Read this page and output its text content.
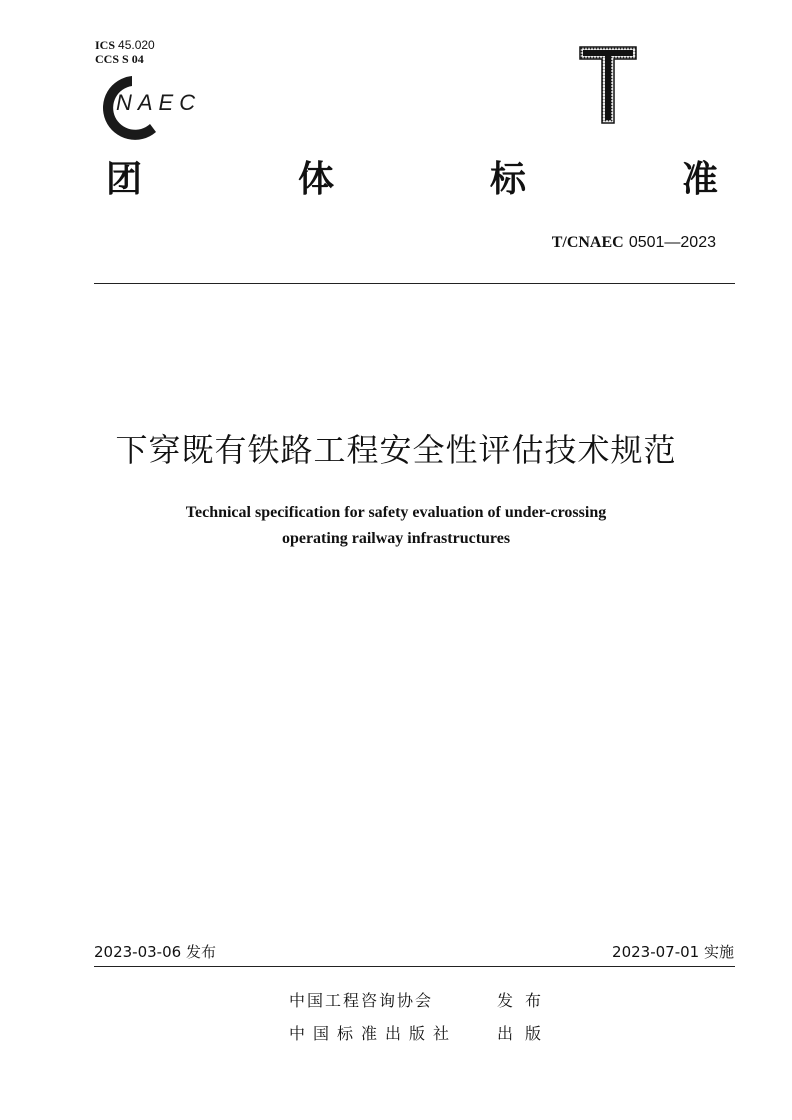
ICS 45.020
CCS S 04
NAEC
团	体	标	准
T/CNAEC 0501—2023
下穿既有铁路工程安全性评估技术规范
Technical specification for safety evaluation of under-crossing
operating railway infrastructures
2023-03-06 发布	2023-07-01 实施
中国工程咨询协会	发布
中国标准出版社 出版
